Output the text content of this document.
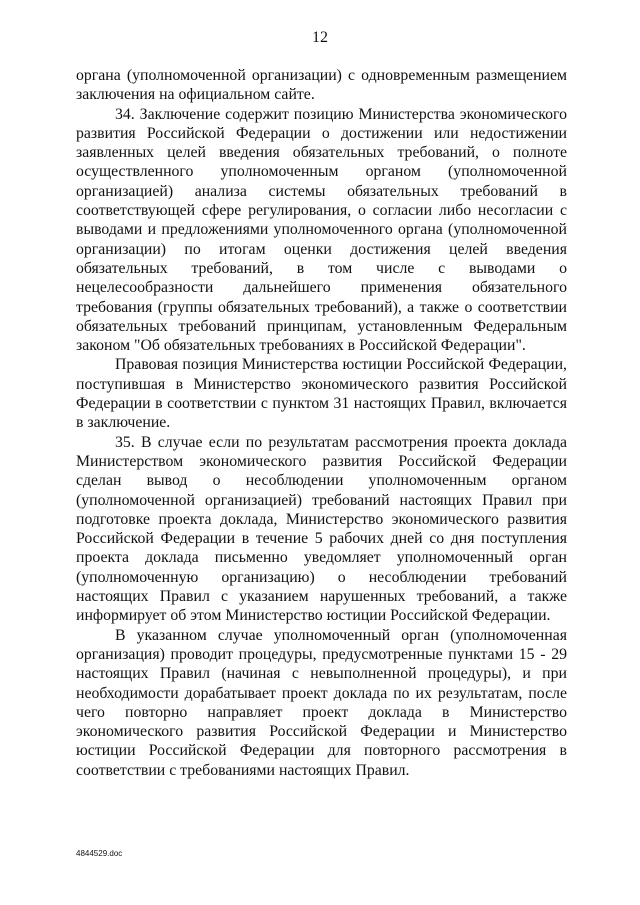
12

органа (уполномоченной организации) с одновременным размещением заключения на официальном сайте.

34. Заключение содержит позицию Министерства экономического развития Российской Федерации о достижении или недостижении заявленных целей введения обязательных требований, о полноте осуществленного уполномоченным органом (уполномоченной организацией) анализа системы обязательных требований в соответствующей сфере регулирования, о согласии либо несогласии с выводами и предложениями уполномоченного органа (уполномоченной организации) по итогам оценки достижения целей введения обязательных требований, в том числе с выводами о нецелесообразности дальнейшего применения обязательного требования (группы обязательных требований), а также о соответствии обязательных требований принципам, установленным Федеральным законом "Об обязательных требованиях в Российской Федерации".

Правовая позиция Министерства юстиции Российской Федерации, поступившая в Министерство экономического развития Российской Федерации в соответствии с пунктом 31 настоящих Правил, включается в заключение.

35. В случае если по результатам рассмотрения проекта доклада Министерством экономического развития Российской Федерации сделан вывод о несоблюдении уполномоченным органом (уполномоченной организацией) требований настоящих Правил при подготовке проекта доклада, Министерство экономического развития Российской Федерации в течение 5 рабочих дней со дня поступления проекта доклада письменно уведомляет уполномоченный орган (уполномоченную организацию) о несоблюдении требований настоящих Правил с указанием нарушенных требований, а также информирует об этом Министерство юстиции Российской Федерации.

В указанном случае уполномоченный орган (уполномоченная организация) проводит процедуры, предусмотренные пунктами 15 - 29 настоящих Правил (начиная с невыполненной процедуры), и при необходимости дорабатывает проект доклада по их результатам, после чего повторно направляет проект доклада в Министерство экономического развития Российской Федерации и Министерство юстиции Российской Федерации для повторного рассмотрения в соответствии с требованиями настоящих Правил.

4844529.doc
